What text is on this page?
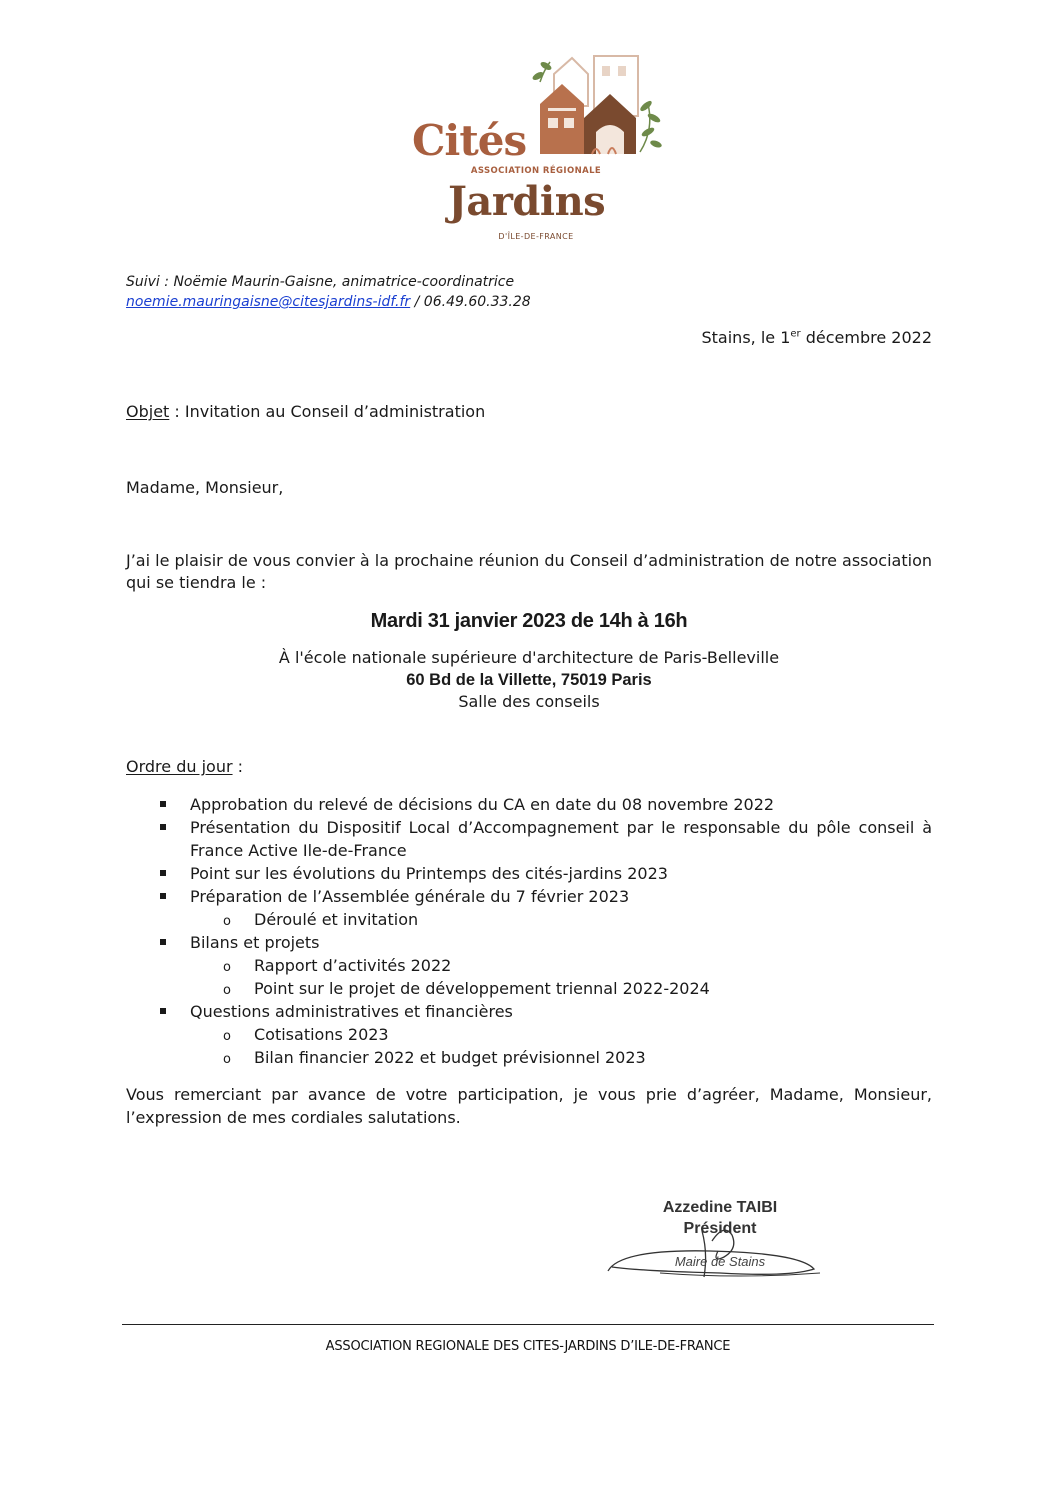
Cités
ASSOCIATION RÉGIONALE
Jardins
D'ÎLE-DE-FRANCE
Suivi : Noëmie Maurin-Gaisne, animatrice-coordinatrice
noemie.mauringaisne@citesjardins-idf.fr / 06.49.60.33.28
Stains, le 1er décembre 2022
Objet : Invitation au Conseil d’administration
Madame, Monsieur,
J’ai le plaisir de vous convier à la prochaine réunion du Conseil d’administration de notre association qui se tiendra le :
Mardi 31 janvier 2023 de 14h à 16h
À l'école nationale supérieure d'architecture de Paris-Belleville
60 Bd de la Villette, 75019 Paris
Salle des conseils
Ordre du jour :
Approbation du relevé de décisions du CA en date du 08 novembre 2022
Présentation du Dispositif Local d’Accompagnement par le responsable du pôle conseil à France Active Ile-de-France
Point sur les évolutions du Printemps des cités-jardins 2023
Préparation de l’Assemblée générale du 7 février 2023
o Déroulé et invitation
Bilans et projets
o Rapport d’activités 2022
o Point sur le projet de développement triennal 2022-2024
Questions administratives et financières
o Cotisations 2023
o Bilan financier 2022 et budget prévisionnel 2023
Vous remerciant par avance de votre participation, je vous prie d’agréer, Madame, Monsieur, l’expression de mes cordiales salutations.
Azzedine TAIBI
Président
Maire de Stains
ASSOCIATION REGIONALE DES CITES-JARDINS D’ILE-DE-FRANCE
